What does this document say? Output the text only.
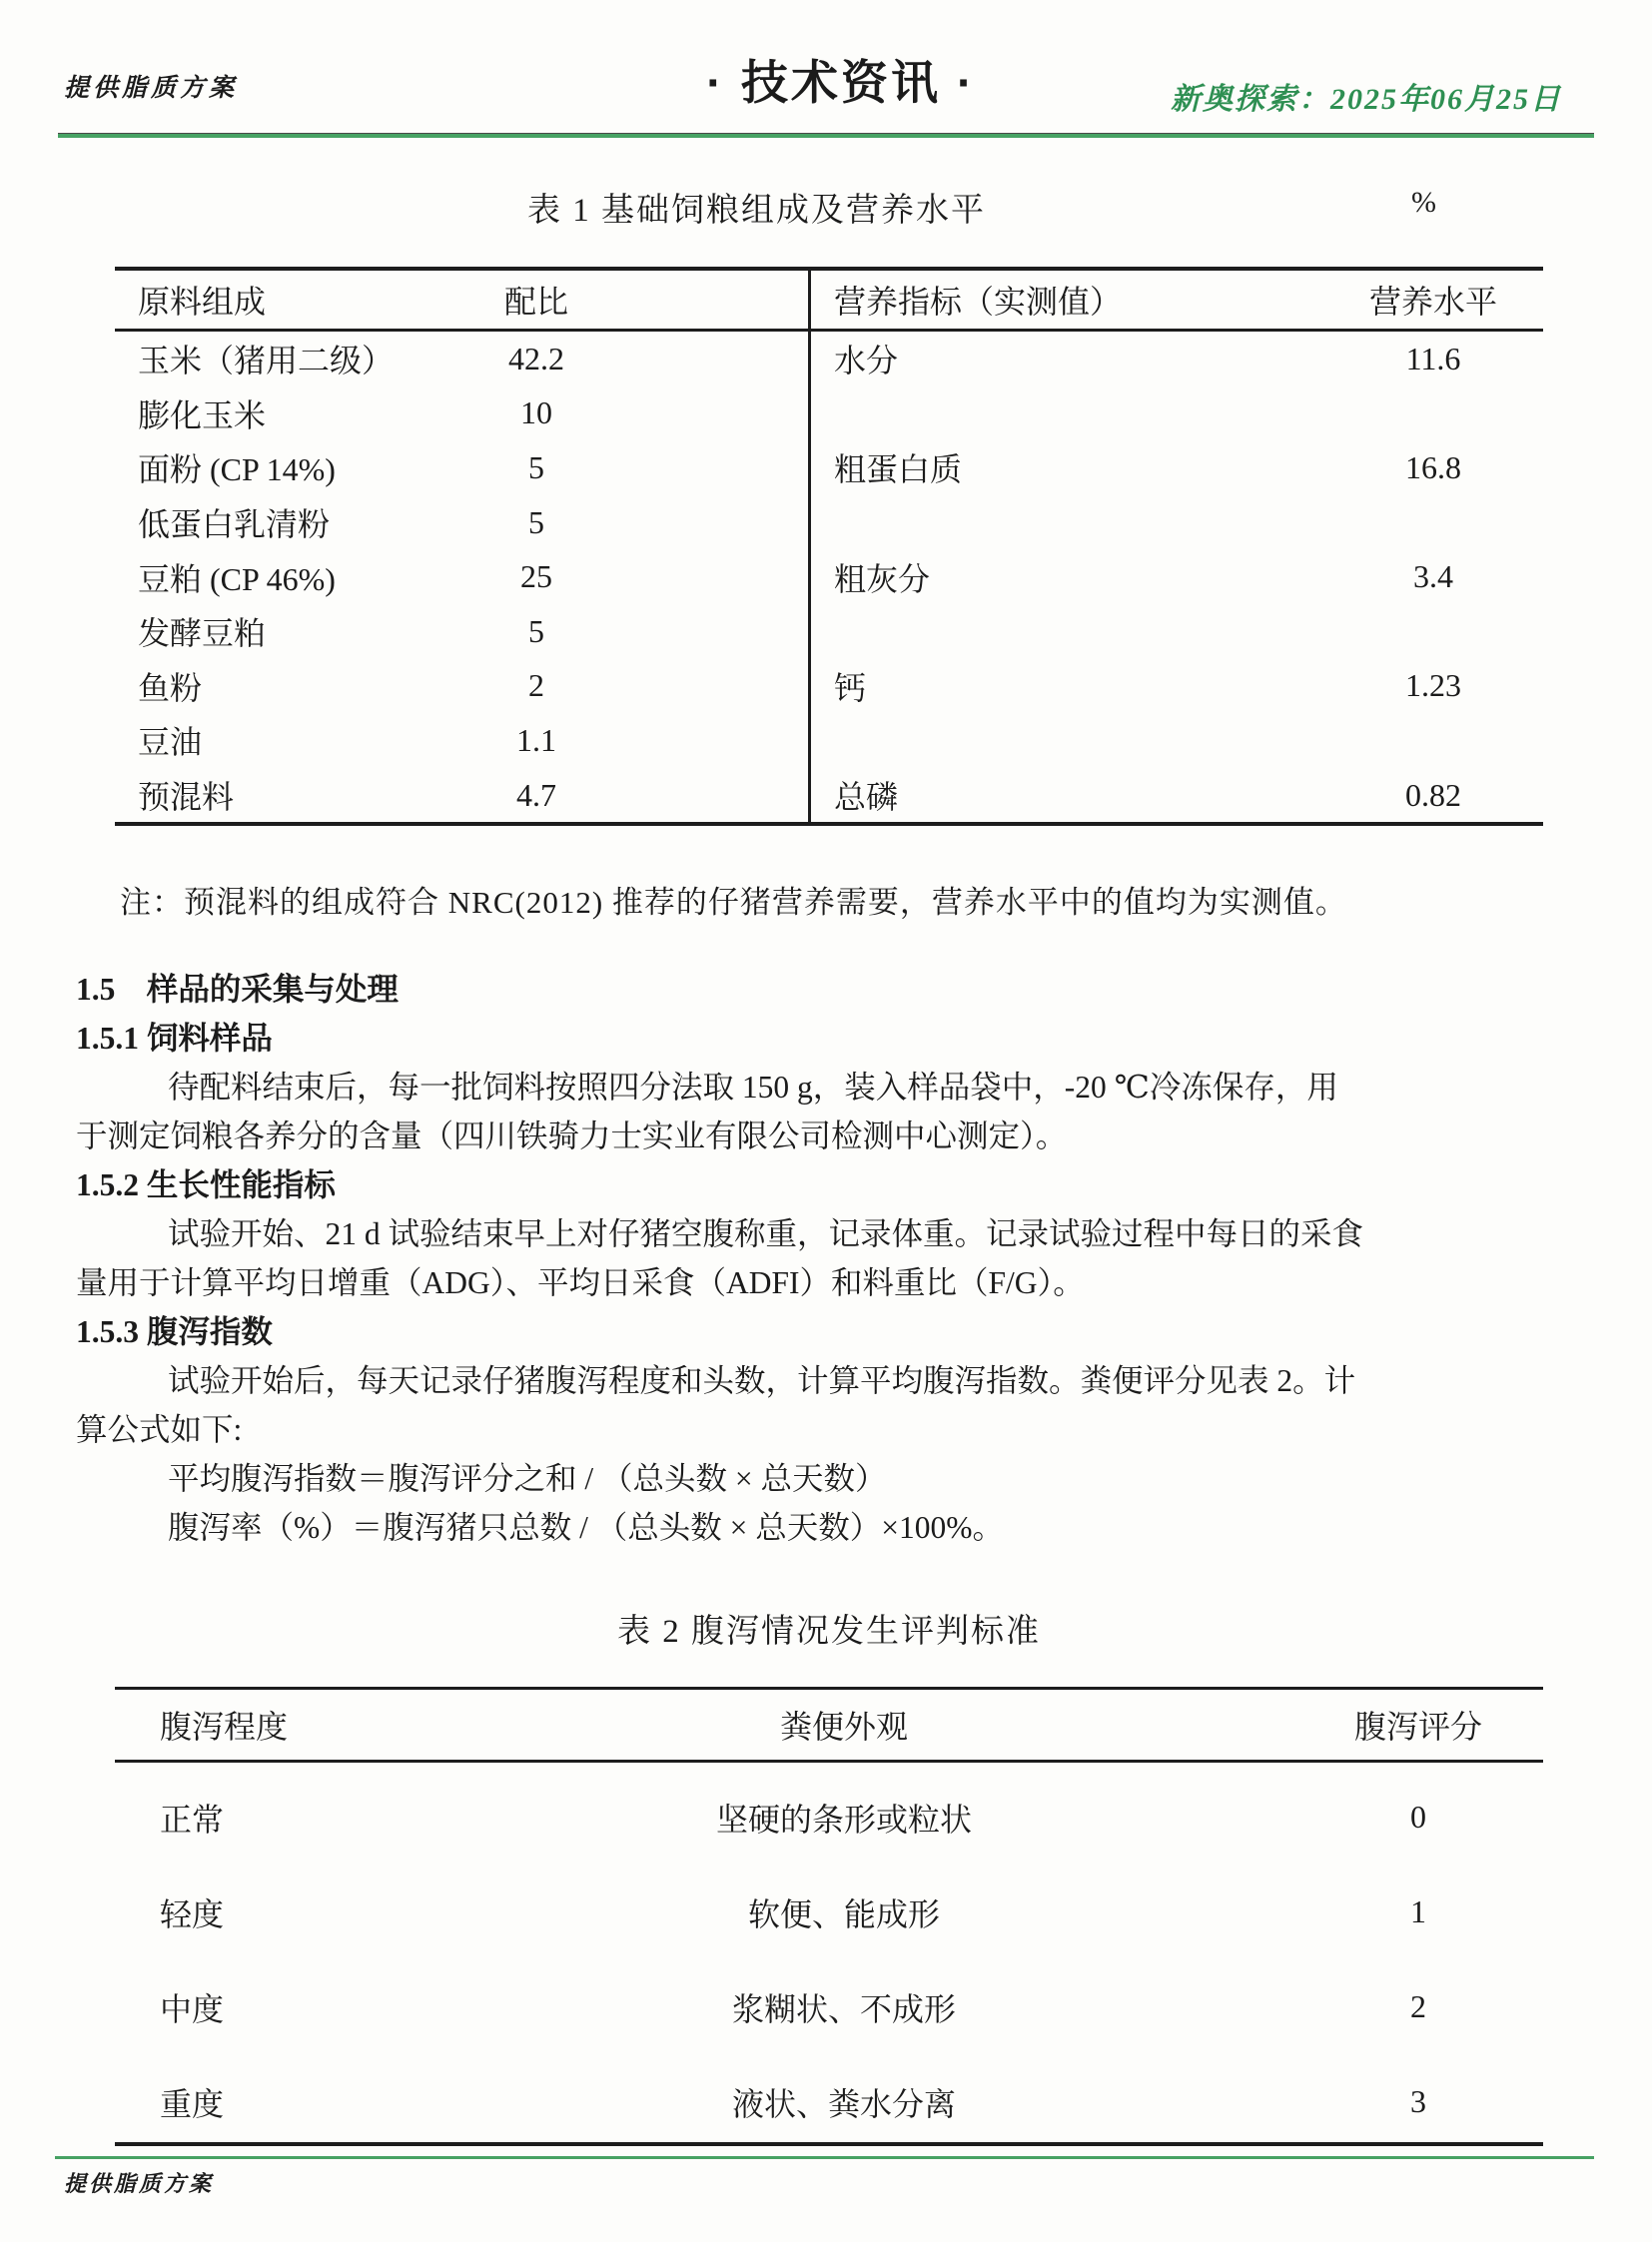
提供脂质方案	· 技术资讯 ·	新奥探索：2025年06月25日
表 1 基础饲粮组成及营养水平	%
原料组成	配比	营养指标（实测值）	营养水平
玉米（猪用二级）	42.2	水分	11.6
膨化玉米	10
面粉 (CP 14%)	5	粗蛋白质	16.8
低蛋白乳清粉	5
豆粕 (CP 46%)	25	粗灰分	3.4
发酵豆粕	5
鱼粉	2	钙	1.23
豆油	1.1
预混料	4.7	总磷	0.82
注：预混料的组成符合 NRC(2012) 推荐的仔猪营养需要，营养水平中的值均为实测值。
1.5　样品的采集与处理
1.5.1 饲料样品
待配料结束后，每一批饲料按照四分法取 150 g，装入样品袋中，-20 ℃冷冻保存，用
于测定饲粮各养分的含量（四川铁骑力士实业有限公司检测中心测定）。
1.5.2 生长性能指标
试验开始、21 d 试验结束早上对仔猪空腹称重，记录体重。记录试验过程中每日的采食
量用于计算平均日增重（ADG）、平均日采食（ADFI）和料重比（F/G）。
1.5.3 腹泻指数
试验开始后，每天记录仔猪腹泻程度和头数，计算平均腹泻指数。粪便评分见表 2。计
算公式如下:
平均腹泻指数＝腹泻评分之和 / （总头数 × 总天数）
腹泻率（%）＝腹泻猪只总数 / （总头数 × 总天数）×100%。
表 2 腹泻情况发生评判标准
腹泻程度	粪便外观	腹泻评分
正常	坚硬的条形或粒状	0
轻度	软便、能成形	1
中度	浆糊状、不成形	2
重度	液状、粪水分离	3
提供脂质方案
